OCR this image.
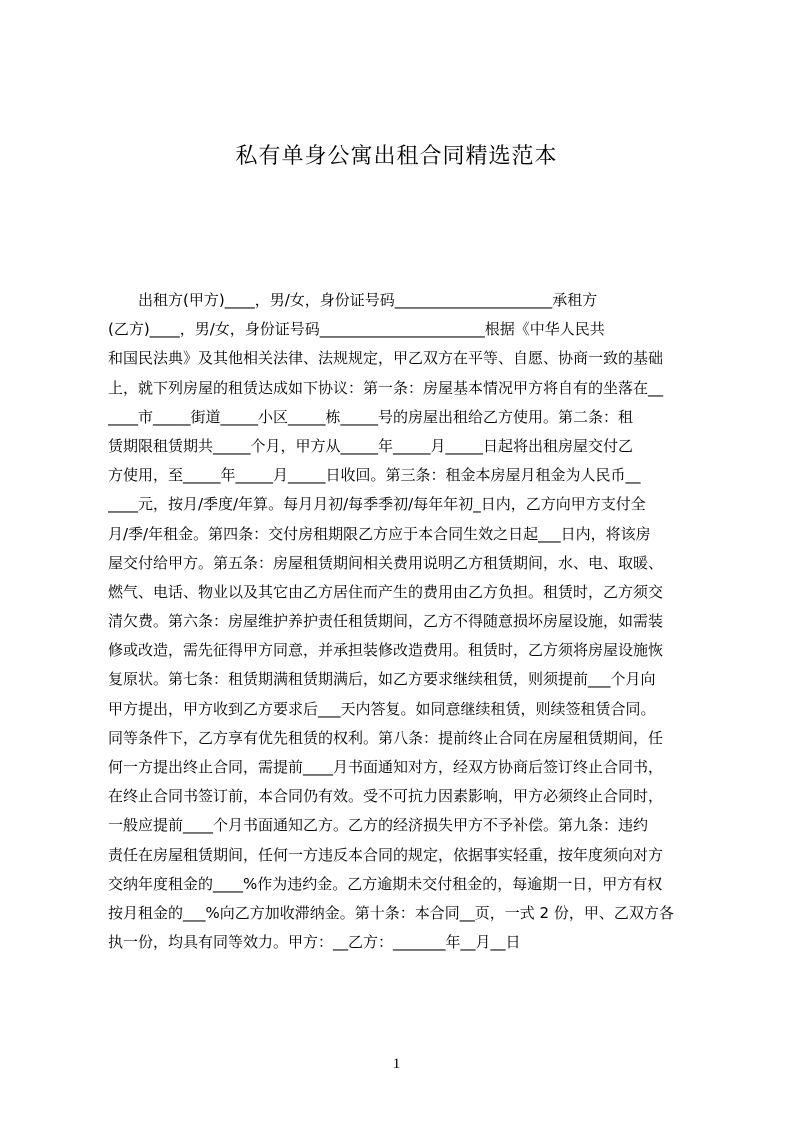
私有单身公寓出租合同精选范本
出租方(甲方)____，男/女，身份证号码_____________________承租方
(乙方)____，男/女，身份证号码______________________根据《中华人民共
和国民法典》及其他相关法律、法规规定，甲乙双方在平等、自愿、协商一致的基础
上，就下列房屋的租赁达成如下协议：第一条：房屋基本情况甲方将自有的坐落在__
____市_____街道_____小区_____栋_____号的房屋出租给乙方使用。第二条：租
赁期限租赁期共_____个月，甲方从_____年_____月_____日起将出租房屋交付乙
方使用，至_____年_____月_____日收回。第三条：租金本房屋月租金为人民币__
____元，按月/季度/年算。每月月初/每季季初/每年年初_日内，乙方向甲方支付全
月/季/年租金。第四条：交付房租期限乙方应于本合同生效之日起___日内，将该房
屋交付给甲方。第五条：房屋租赁期间相关费用说明乙方租赁期间，水、电、取暖、
燃气、电话、物业以及其它由乙方居住而产生的费用由乙方负担。租赁时，乙方须交
清欠费。第六条：房屋维护养护责任租赁期间，乙方不得随意损坏房屋设施，如需装
修或改造，需先征得甲方同意，并承担装修改造费用。租赁时，乙方须将房屋设施恢
复原状。第七条：租赁期满租赁期满后，如乙方要求继续租赁，则须提前___个月向
甲方提出，甲方收到乙方要求后___天内答复。如同意继续租赁，则续签租赁合同。
同等条件下，乙方享有优先租赁的权利。第八条：提前终止合同在房屋租赁期间，任
何一方提出终止合同，需提前____月书面通知对方，经双方协商后签订终止合同书，
在终止合同书签订前，本合同仍有效。受不可抗力因素影响，甲方必须终止合同时，
一般应提前____个月书面通知乙方。乙方的经济损失甲方不予补偿。第九条：违约
责任在房屋租赁期间，任何一方违反本合同的规定，依据事实轻重，按年度须向对方
交纳年度租金的____%作为违约金。乙方逾期未交付租金的，每逾期一日，甲方有权
按月租金的___%向乙方加收滞纳金。第十条：本合同__页，一式 2 份，甲、乙双方各
执一份，均具有同等效力。甲方：__乙方：_______年__月__日
1
